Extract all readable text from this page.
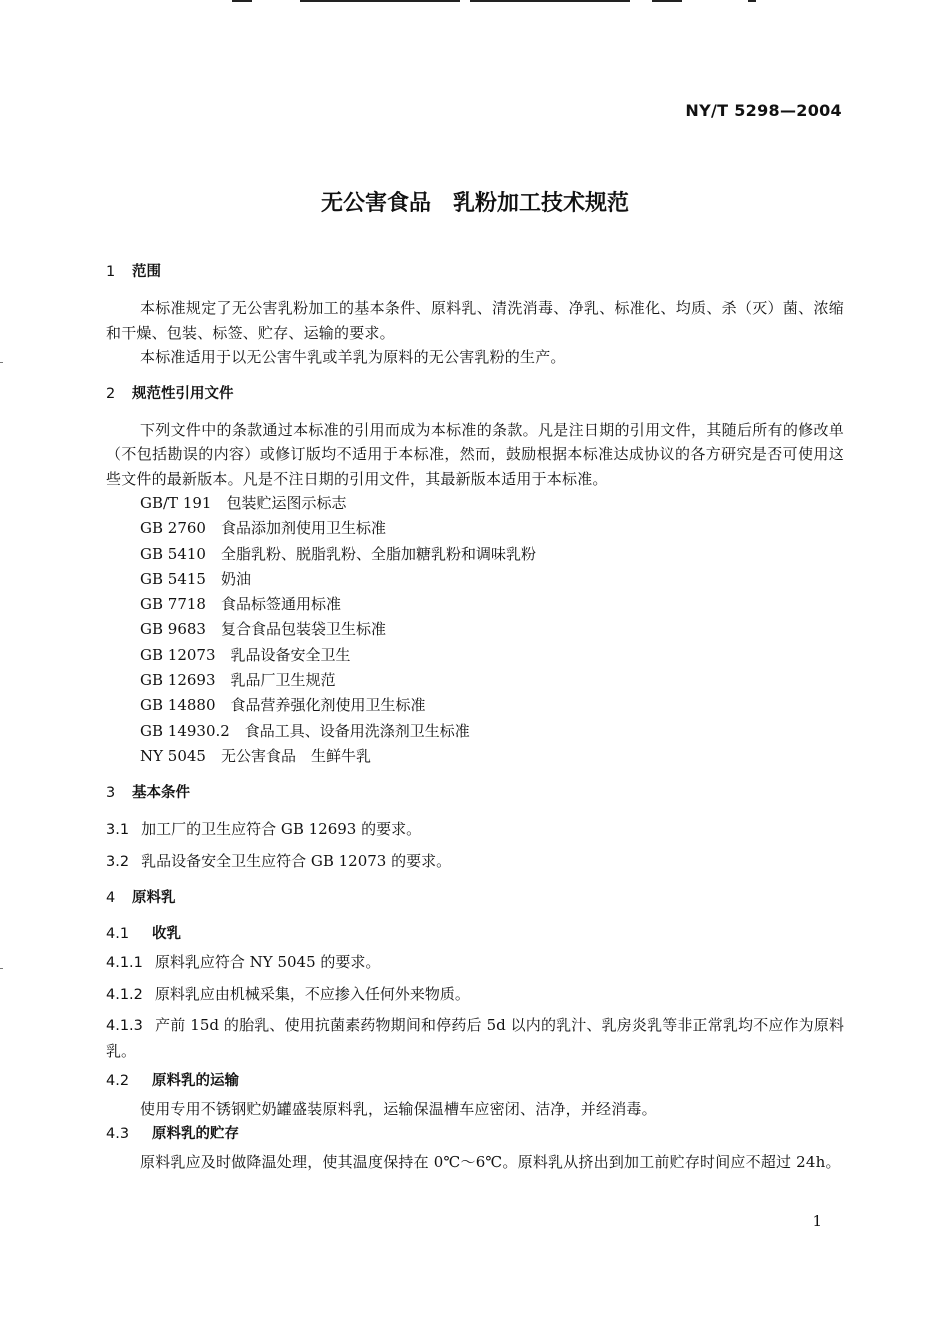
NY/T 5298—2004
无公害食品　乳粉加工技术规范
1 范围

本标准规定了无公害乳粉加工的基本条件、原料乳、清洗消毒、净乳、标准化、均质、杀（灭）菌、浓缩和干燥、包装、标签、贮存、运输的要求。

本标准适用于以无公害牛乳或羊乳为原料的无公害乳粉的生产。

2 规范性引用文件

下列文件中的条款通过本标准的引用而成为本标准的条款。凡是注日期的引用文件，其随后所有的修改单（不包括勘误的内容）或修订版均不适用于本标准，然而，鼓励根据本标准达成协议的各方研究是否可使用这些文件的最新版本。凡是不注日期的引用文件，其最新版本适用于本标准。

GB/T 191　包装贮运图示标志
GB 2760　食品添加剂使用卫生标准
GB 5410　全脂乳粉、脱脂乳粉、全脂加糖乳粉和调味乳粉
GB 5415　奶油
GB 7718　食品标签通用标准
GB 9683　复合食品包装袋卫生标准
GB 12073　乳品设备安全卫生
GB 12693　乳品厂卫生规范
GB 14880　食品营养强化剂使用卫生标准
GB 14930.2　食品工具、设备用洗涤剂卫生标准
NY 5045　无公害食品　生鲜牛乳
3 基本条件

3.1 加工厂的卫生应符合 GB 12693 的要求。

3.2 乳品设备安全卫生应符合 GB 12073 的要求。

4 原料乳
4.1 收乳

4.1.1 原料乳应符合 NY 5045 的要求。

4.1.2 原料乳应由机械采集，不应掺入任何外来物质。

4.1.3 产前 15d 的胎乳、使用抗菌素药物期间和停药后 5d 以内的乳汁、乳房炎乳等非正常乳均不应作为原料乳。

4.2 原料乳的运输

使用专用不锈钢贮奶罐盛装原料乳，运输保温槽车应密闭、洁净，并经消毒。

4.3 原料乳的贮存

原料乳应及时做降温处理，使其温度保持在 0℃～6℃。原料乳从挤出到加工前贮存时间应不超过 24h。

1
